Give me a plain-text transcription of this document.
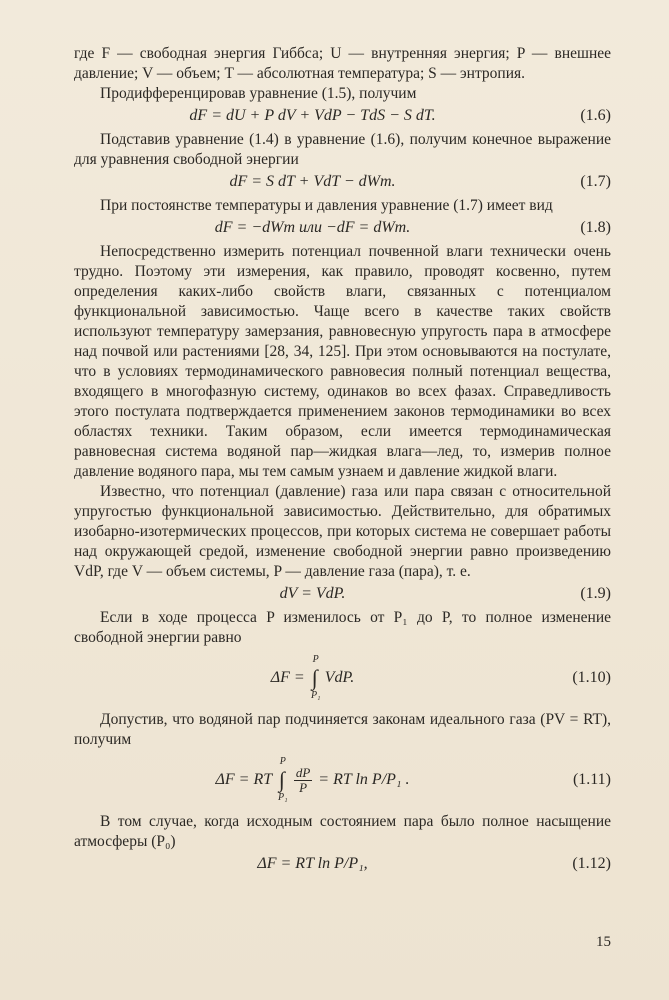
где F — свободная энергия Гиббса; U — внутренняя энергия; P — внешнее давление; V — объем; T — абсолютная температура; S — энтропия.

Продифференцировав уравнение (1.5), получим

dF = dU + P dV + VdP − TdS − S dT.	(1.6)

Подставив уравнение (1.4) в уравнение (1.6), получим конечное выражение для уравнения свободной энергии

dF = S dT + VdT − dWm.	(1.7)

При постоянстве температуры и давления уравнение (1.7) имеет вид

dF = −dWm или −dF = dWm.	(1.8)

Непосредственно измерить потенциал почвенной влаги технически очень трудно. Поэтому эти измерения, как правило, проводят косвенно, путем определения каких-либо свойств влаги, связанных с потенциалом функциональной зависимостью. Чаще всего в качестве таких свойств используют температуру замерзания, равновесную упругость пара в атмосфере над почвой или растениями [28, 34, 125]. При этом основываются на постулате, что в условиях термодинамического равновесия полный потенциал вещества, входящего в многофазную систему, одинаков во всех фазах. Справедливость этого постулата подтверждается применением законов термодинамики во всех областях техники. Таким образом, если имеется термодинамическая равновесная система водяной пар—жидкая влага—лед, то, измерив полное давление водяного пара, мы тем самым узнаем и давление жидкой влаги.

Известно, что потенциал (давление) газа или пара связан с относительной упругостью функциональной зависимостью. Действительно, для обратимых изобарно-изотермических процессов, при которых система не совершает работы над окружающей средой, изменение свободной энергии равно произведению VdP, где V — объем системы, P — давление газа (пара), т. е.

dV = VdP.	(1.9)

Если в ходе процесса P изменилось от P₁ до P, то полное изменение свободной энергии равно

ΔF =
P
∫
P₁
VdP.	(1.10)

Допустив, что водяной пар подчиняется законам идеального газа (PV = RT), получим

ΔF = RT
P
∫
P₁

$\frac{dP}{P}$ = RT ln P/P₁ .	(1.11)

В том случае, когда исходным состоянием пара было полное насыщение атмосферы (P₀)

ΔF = RT ln P/P₁,	(1.12)
15
